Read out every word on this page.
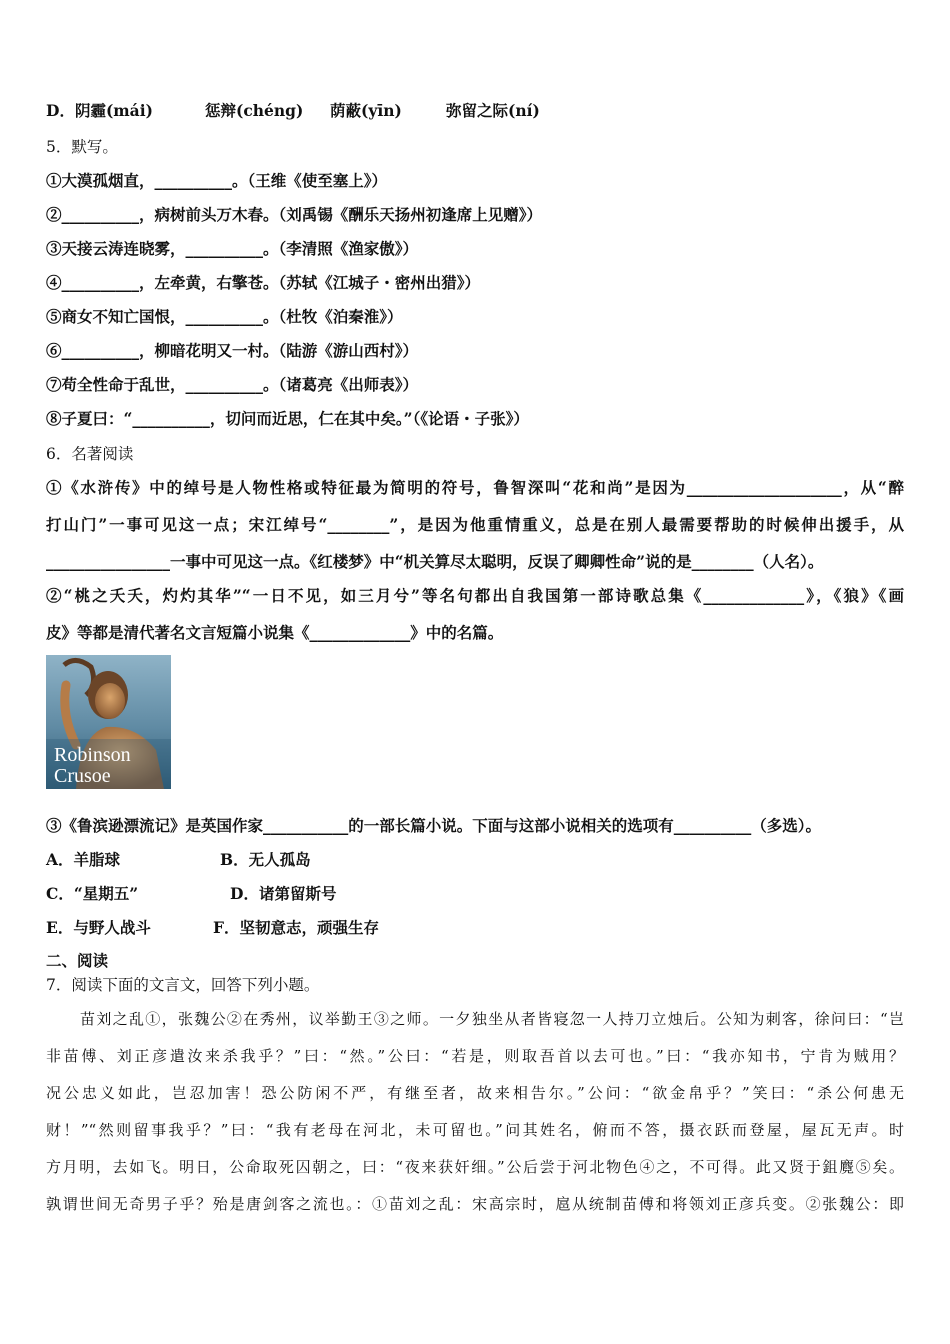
D．阴霾(mái)	惩辩(chéng) 荫蔽(yīn)	弥留之际(ní)
5．默写。
①大漠孤烟直，__________。（王维《使至塞上》）
②__________，病树前头万木春。（刘禹锡《酬乐天扬州初逢席上见赠》）
③天接云涛连晓雾，__________。（李清照《渔家傲》）
④__________，左牵黄，右擎苍。（苏轼《江城子・密州出猎》）
⑤商女不知亡国恨，__________。（杜牧《泊秦淮》）
⑥__________，柳暗花明又一村。（陆游《游山西村》）
⑦苟全性命于乱世，__________。（诸葛亮《出师表》）
⑧子夏曰：“__________，切问而近思，仁在其中矣。”（《论语・子张》）
6．名著阅读
①《水浒传》中的绰号是人物性格或特征最为简明的符号，鲁智深叫“花和尚”是因为____________________，从“醉
打山门”一事可见这一点；宋江绰号“________”，是因为他重情重义，总是在别人最需要帮助的时候伸出援手，从
________________一事中可见这一点。《红楼梦》中“机关算尽太聪明，反误了卿卿性命”说的是________（人名）。
②“桃之夭夭，灼灼其华”“一日不见，如三月兮”等名句都出自我国第一部诗歌总集《_____________》，《狼》《画
皮》等都是清代著名文言短篇小说集《_____________》中的名篇。
Robinson
Crusoe
③《鲁滨逊漂流记》是英国作家___________的一部长篇小说。下面与这部小说相关的选项有__________（多选）。
A．羊脂球	B．无人孤岛
C．“星期五”	D．诸第留斯号
E．与野人战斗	F．坚韧意志，顽强生存
二、阅读
7．阅读下面的文言文，回答下列小题。
苗刘之乱①，张魏公②在秀州，议举勤王③之师。一夕独坐从者皆寝忽一人持刀立烛后。公知为刺客，徐问曰：“岂
非苗傅、刘正彦遣汝来杀我乎？”曰：“然。”公曰：“若是，则取吾首以去可也。”曰：“我亦知书，宁肯为贼用？
况公忠义如此，岂忍加害！恐公防闲不严，有继至者，故来相告尔。”公问：“欲金帛乎？”笑曰：“杀公何患无
财！”“然则留事我乎？”曰：“我有老母在河北，未可留也。”问其姓名，俯而不答，摄衣跃而登屋，屋瓦无声。时
方月明，去如飞。明日，公命取死囚朝之，曰：“夜来获奸细。”公后尝于河北物色④之，不可得。此又贤于鉏麑⑤矣。
孰谓世间无奇男子乎？殆是唐剑客之流也。：①苗刘之乱：宋高宗时，扈从统制苗傅和将领刘正彦兵变。②张魏公：即
